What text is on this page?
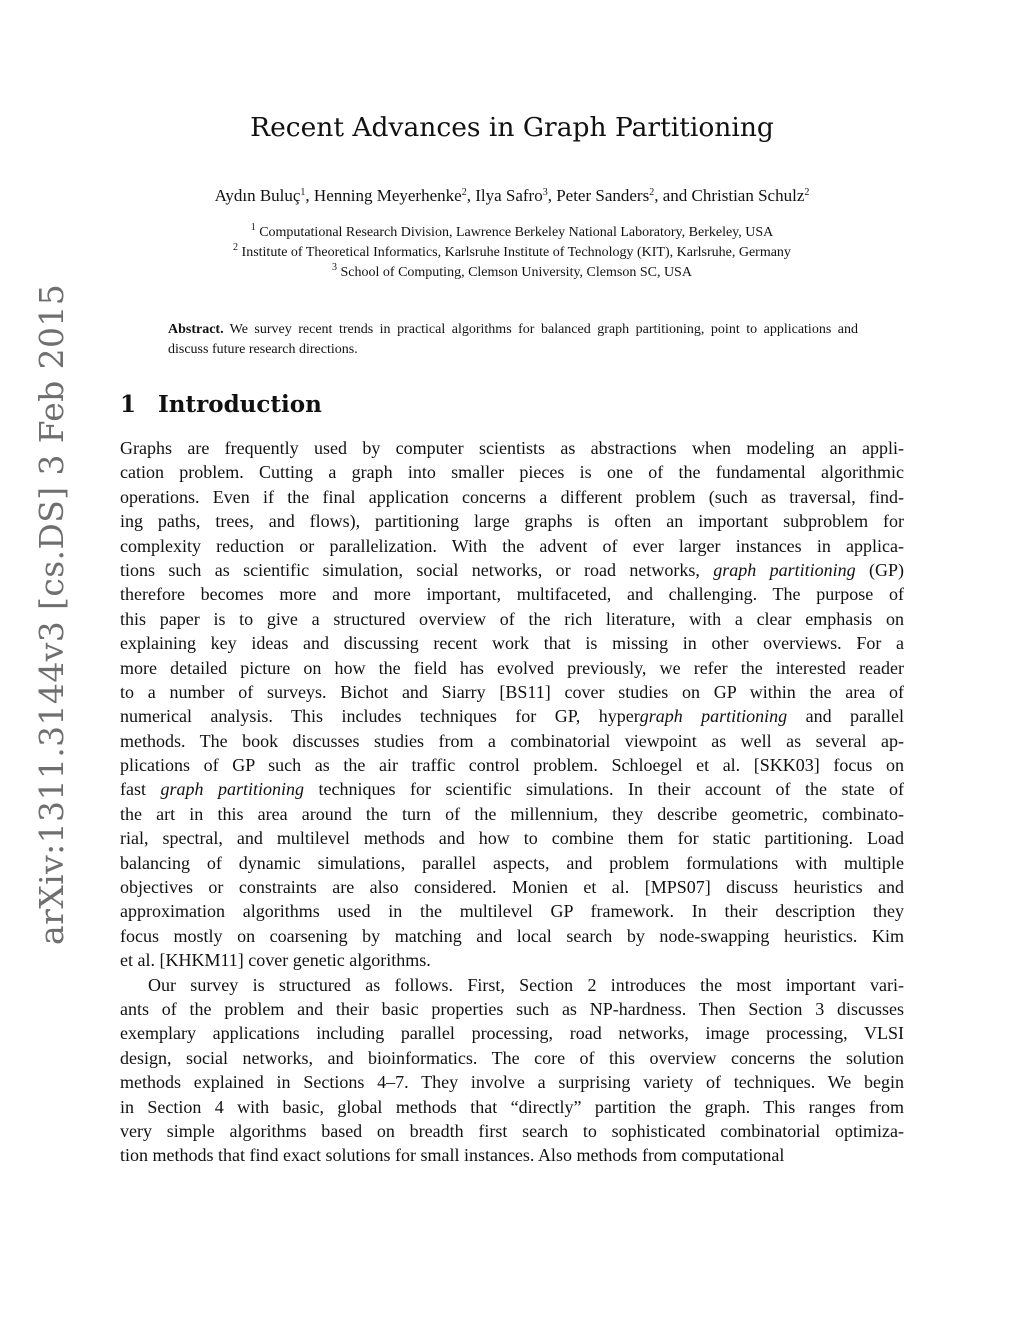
arXiv:1311.3144v3 [cs.DS] 3 Feb 2015
Recent Advances in Graph Partitioning
Aydın Buluç$^1$, Henning Meyerhenke$^2$, Ilya Safro$^3$, Peter Sanders$^2$, and Christian Schulz$^2$
$^1$ Computational Research Division, Lawrence Berkeley National Laboratory, Berkeley, USA
$^2$ Institute of Theoretical Informatics, Karlsruhe Institute of Technology (KIT), Karlsruhe, Germany
$^3$ School of Computing, Clemson University, Clemson SC, USA
Abstract. We survey recent trends in practical algorithms for balanced graph partitioning, point to applications and discuss future research directions.
1 Introduction
Graphs are frequently used by computer scientists as abstractions when modeling an appli-
cation problem. Cutting a graph into smaller pieces is one of the fundamental algorithmic
operations. Even if the final application concerns a different problem (such as traversal, find-
ing paths, trees, and flows), partitioning large graphs is often an important subproblem for
complexity reduction or parallelization. With the advent of ever larger instances in applica-
tions such as scientific simulation, social networks, or road networks, graph partitioning (GP)
therefore becomes more and more important, multifaceted, and challenging. The purpose of
this paper is to give a structured overview of the rich literature, with a clear emphasis on
explaining key ideas and discussing recent work that is missing in other overviews. For a
more detailed picture on how the field has evolved previously, we refer the interested reader
to a number of surveys. Bichot and Siarry [BS11] cover studies on GP within the area of
numerical analysis. This includes techniques for GP, hypergraph partitioning and parallel
methods. The book discusses studies from a combinatorial viewpoint as well as several ap-
plications of GP such as the air traffic control problem. Schloegel et al. [SKK03] focus on
fast graph partitioning techniques for scientific simulations. In their account of the state of
the art in this area around the turn of the millennium, they describe geometric, combinato-
rial, spectral, and multilevel methods and how to combine them for static partitioning. Load
balancing of dynamic simulations, parallel aspects, and problem formulations with multiple
objectives or constraints are also considered. Monien et al. [MPS07] discuss heuristics and
approximation algorithms used in the multilevel GP framework. In their description they
focus mostly on coarsening by matching and local search by node-swapping heuristics. Kim
et al. [KHKM11] cover genetic algorithms.
Our survey is structured as follows. First, Section 2 introduces the most important vari-
ants of the problem and their basic properties such as NP-hardness. Then Section 3 discusses
exemplary applications including parallel processing, road networks, image processing, VLSI
design, social networks, and bioinformatics. The core of this overview concerns the solution
methods explained in Sections 4–7. They involve a surprising variety of techniques. We begin
in Section 4 with basic, global methods that “directly” partition the graph. This ranges from
very simple algorithms based on breadth first search to sophisticated combinatorial optimiza-
tion methods that find exact solutions for small instances. Also methods from computational
